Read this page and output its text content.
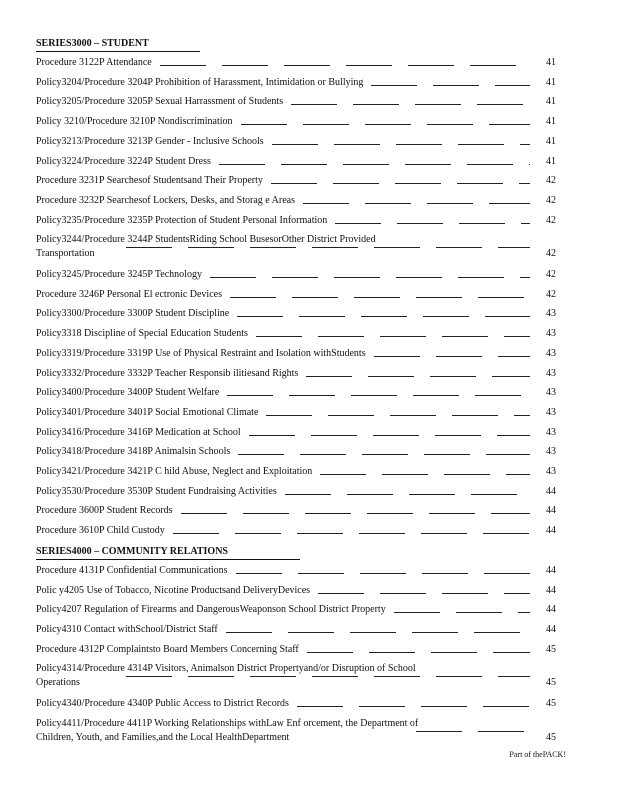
SERIES3000 – STUDENT
Procedure 3122P Attendance	41
Policy3204/Procedure 3204P Prohibition of Harassment, Intimidation or Bullying	41
Policy3205/Procedure 3205P Sexual Harrassment of Students	41
Policy 3210/Procedure 3210P Nondiscrimination	41
Policy3213/Procedure 3213P Gender - Inclusive Schools	41
Policy3224/Procedure 3224P Student Dress	41
Procedure 3231P Searchesof Studentsand Their Property	42
Procedure 3232P Searchesof Lockers, Desks, and Storag e Areas	42
Policy3235/Procedure 3235P Protection of Student Personal Information	42
Policy3244/Procedure 3244P StudentsRiding School BusesorOther District Provided
Transportation	42
Policy3245/Procedure 3245P Technology	42
Procedure 3246P Personal El ectronic Devices	42
Policy3300/Procedure 3300P Student Discipline	43
Policy3318 Discipline of Special Education Students	43
Policy3319/Procedure 3319P Use of Physical Restraint and Isolation withStudents	43
Policy3332/Procedure 3332P Teacher Responsib ilitiesand Rights	43
Policy3400/Procedure 3400P Student Welfare	43
Policy3401/Procedure 3401P Social Emotional Climate	43
Policy3416/Procedure 3416P Medication at School	43
Policy3418/Procedure 3418P Animalsin Schools	43
Policy3421/Procedure 3421P C hild Abuse, Neglect and Exploitation	43
Policy3530/Procedure 3530P Student Fundraising Activities	44
Procedure 3600P Student Records	44
Procedure 3610P Child Custody	44
SERIES4000 – COMMUNITY RELATIONS
Procedure 4131P Confidential Communications	44
Polic y4205 Use of Tobacco, Nicotine Productsand DeliveryDevices	44
Policy4207 Regulation of Firearms and DangerousWeaponson School District Property	44
Policy4310 Contact withSchool/District Staff	44
Procedure 4312P Complaintsto Board Members Concerning Staff	45
Policy4314/Procedure 4314P Visitors, Animalson District Propertyand/or Disruption of School
Operations	45
Policy4340/Procedure 4340P Public Access to District Records	45
Policy4411/Procedure 4411P Working Relationships withLaw Enf orcement, the Department of
Children, Youth, and Families,and the Local HealthDepartment	45
Part of thePACK!
